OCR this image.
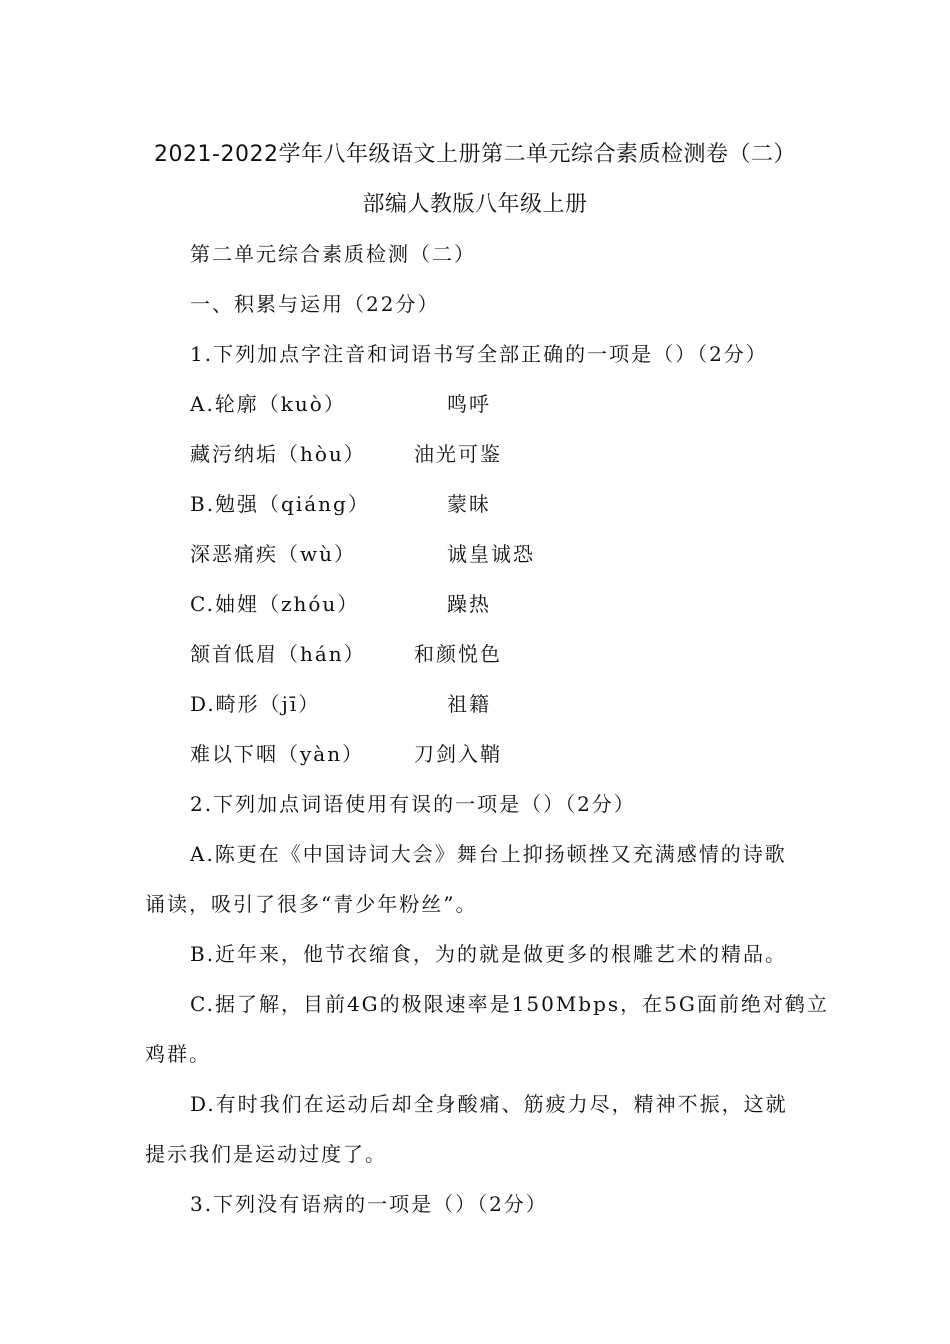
2021-2022学年八年级语文上册第二单元综合素质检测卷（二）
部编人教版八年级上册
第二单元综合素质检测（二）
一、积累与运用（22分）
1.下列加点字注音和词语书写全部正确的一项是（）（2分）
A.轮廓（kuò）	鸣呼
藏污纳垢（hòu） 油光可鉴
B.勉强（qiáng）	蒙昧
深恶痛疾（wù）	诚皇诚恐
C.妯娌（zhóu）	躁热
颔首低眉（hán） 和颜悦色
D.畸形（jī）	祖籍
难以下咽（yàn） 刀剑入鞘
2.下列加点词语使用有误的一项是（）（2分）
A.陈更在《中国诗词大会》舞台上抑扬顿挫又充满感情的诗歌
诵读，吸引了很多“青少年粉丝”。
B.近年来，他节衣缩食，为的就是做更多的根雕艺术的精品。
C.据了解，目前4G的极限速率是150Mbps，在5G面前绝对鹤立
鸡群。
D.有时我们在运动后却全身酸痛、筋疲力尽，精神不振，这就
提示我们是运动过度了。
3.下列没有语病的一项是（）（2分）
